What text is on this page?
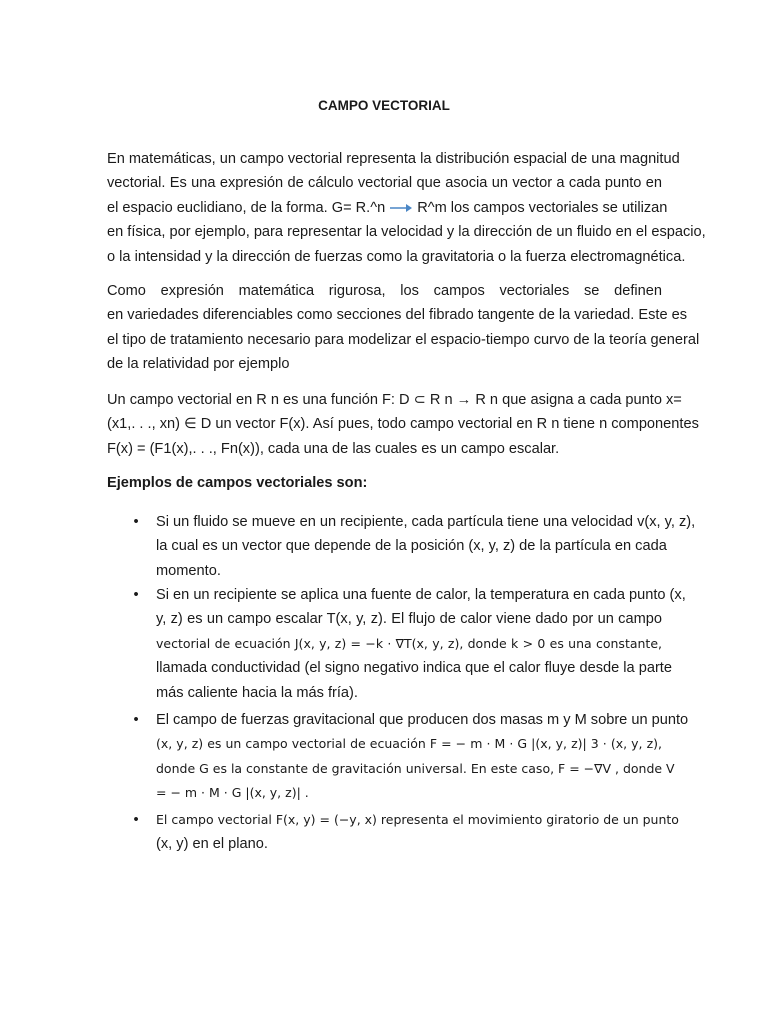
CAMPO VECTORIAL
En matemáticas, un campo vectorial representa la distribución espacial de una magnitud
vectorial. Es una expresión de cálculo vectorial que asocia un vector a cada punto en
el espacio euclidiano, de la forma. G= R.^n R^m los campos vectoriales se utilizan
en física, por ejemplo, para representar la velocidad y la dirección de un fluido en el espacio,
o la intensidad y la dirección de fuerzas como la gravitatoria o la fuerza electromagnética.
Como expresión matemática rigurosa, los campos vectoriales se definen
en variedades diferenciables como secciones del fibrado tangente de la variedad. Este es
el tipo de tratamiento necesario para modelizar el espacio-tiempo curvo de la teoría general
de la relatividad por ejemplo
Un campo vectorial en R n es una función F: D ⊂ R n → R n que asigna a cada punto x=
(x1,. . ., xn) ∈ D un vector F(x). Así pues, todo campo vectorial en R n tiene n componentes
F(x) = (F1(x),. . ., Fn(x)), cada una de las cuales es un campo escalar.
Ejemplos de campos vectoriales son:
• Si un fluido se mueve en un recipiente, cada partícula tiene una velocidad v(x, y, z),
la cual es un vector que depende de la posición (x, y, z) de la partícula en cada
momento.
• Si en un recipiente se aplica una fuente de calor, la temperatura en cada punto (x,
y, z) es un campo escalar T(x, y, z). El flujo de calor viene dado por un campo
vectorial de ecuación J(x, y, z) = −k · ∇T(x, y, z), donde k > 0 es una constante,
llamada conductividad (el signo negativo indica que el calor fluye desde la parte
más caliente hacia la más fría).
• El campo de fuerzas gravitacional que producen dos masas m y M sobre un punto
(x, y, z) es un campo vectorial de ecuación F = − m · M · G |(x, y, z)| 3 · (x, y, z),
donde G es la constante de gravitación universal. En este caso, F = −∇V , donde V
= − m · M · G |(x, y, z)| .
• El campo vectorial F(x, y) = (−y, x) representa el movimiento giratorio de un punto
(x, y) en el plano.
